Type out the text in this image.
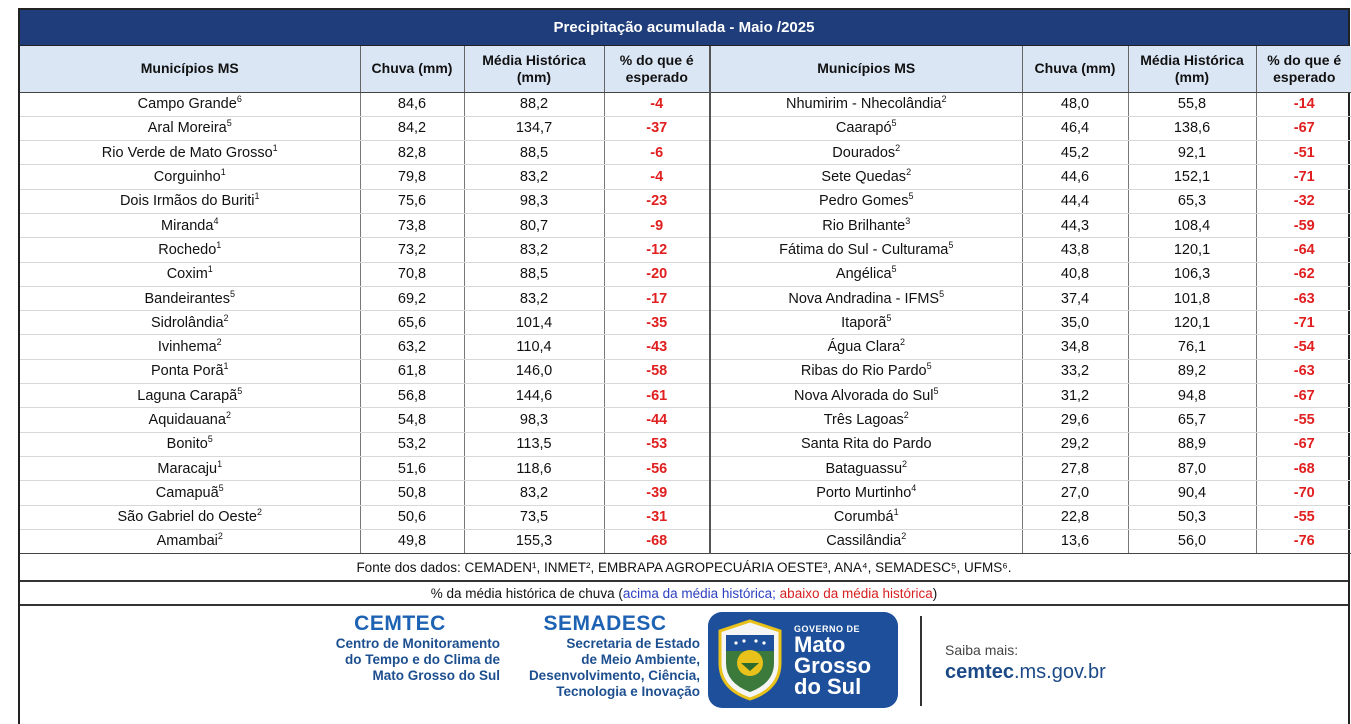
Precipitação acumulada - Maio /2025
Municípios MS	Chuva (mm)	Média Histórica (mm)	% do que é esperado	Municípios MS	Chuva (mm)	Média Histórica (mm)	% do que é esperado
Campo Grande$^6$	84,6	88,2	-4	Nhumirim - Nhecolândia$^2$	48,0	55,8	-14
Aral Moreira$^5$	84,2	134,7	-37	Caarapó$^5$	46,4	138,6	-67
Rio Verde de Mato Grosso$^1$	82,8	88,5	-6	Dourados$^2$	45,2	92,1	-51
Corguinho$^1$	79,8	83,2	-4	Sete Quedas$^2$	44,6	152,1	-71
Dois Irmãos do Buriti$^1$	75,6	98,3	-23	Pedro Gomes$^5$	44,4	65,3	-32
Miranda$^4$	73,8	80,7	-9	Rio Brilhante$^3$	44,3	108,4	-59
Rochedo$^1$	73,2	83,2	-12	Fátima do Sul - Culturama$^5$	43,8	120,1	-64
Coxim$^1$	70,8	88,5	-20	Angélica$^5$	40,8	106,3	-62
Bandeirantes$^5$	69,2	83,2	-17	Nova Andradina - IFMS$^5$	37,4	101,8	-63
Sidrolândia$^2$	65,6	101,4	-35	Itaporã$^5$	35,0	120,1	-71
Ivinhema$^2$	63,2	110,4	-43	Água Clara$^2$	34,8	76,1	-54
Ponta Porã$^1$	61,8	146,0	-58	Ribas do Rio Pardo$^5$	33,2	89,2	-63
Laguna Carapã$^5$	56,8	144,6	-61	Nova Alvorada do Sul$^5$	31,2	94,8	-67
Aquidauana$^2$	54,8	98,3	-44	Três Lagoas$^2$	29,6	65,7	-55
Bonito$^5$	53,2	113,5	-53	Santa Rita do Pardo	29,2	88,9	-67
Maracaju$^1$	51,6	118,6	-56	Bataguassu$^2$	27,8	87,0	-68
Camapuã$^5$	50,8	83,2	-39	Porto Murtinho$^4$	27,0	90,4	-70
São Gabriel do Oeste$^2$	50,6	73,5	-31	Corumbá$^1$	22,8	50,3	-55
Amambai$^2$	49,8	155,3	-68	Cassilândia$^2$	13,6	56,0	-76
Fonte dos dados: CEMADEN¹, INMET², EMBRAPA AGROPECUÁRIA OESTE³, ANA⁴, SEMADESC⁵, UFMS⁶.
% da média histórica de chuva ( acima da média histórica;
abaixo da média histórica )
CEMTEC
Centro de Monitoramento
do Tempo e do Clima de
Mato Grosso do Sul
SEMADESC
Secretaria de Estado
de Meio Ambiente,
Desenvolvimento, Ciência,
Tecnologia e Inovação
GOVERNO DE
Mato
Grosso
do Sul
Saiba mais:
cemtec.ms.gov.br
